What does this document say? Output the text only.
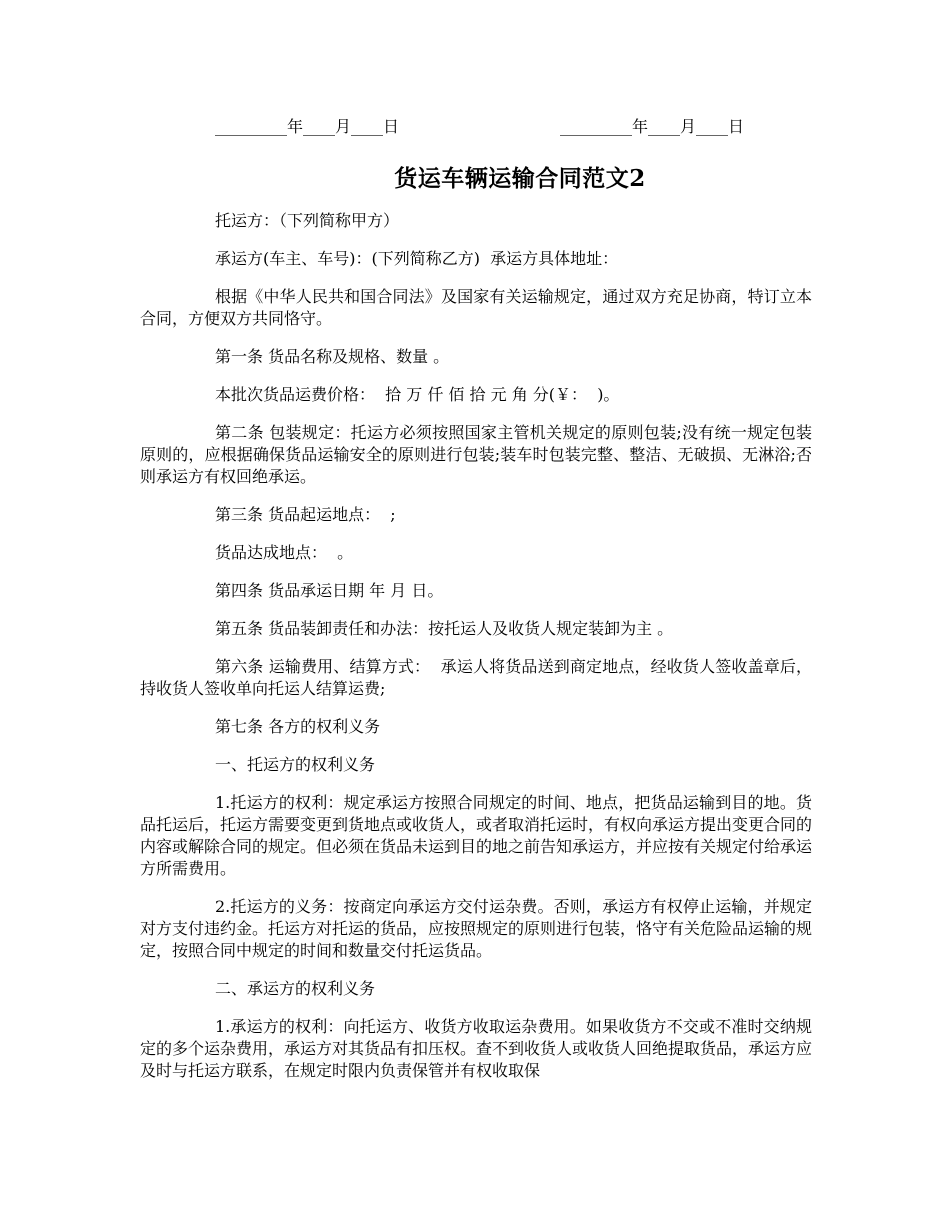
_________年____月____日	_________年____月____日
货运车辆运输合同范文2

托运方：（下列简称甲方）

承运方(车主、车号)：(下列简称乙方)  承运方具体地址：

根据《中华人民共和国合同法》及国家有关运输规定，通过双方充足协商，特订立本合同，方便双方共同恪守。

第一条 货品名称及规格、数量 。

本批次货品运费价格：  拾 万 仟 佰 拾 元 角 分(￥：  )。

第二条 包装规定：托运方必须按照国家主管机关规定的原则包装;没有统一规定包装原则的，应根据确保货品运输安全的原则进行包装;装车时包装完整、整洁、无破损、无淋浴;否则承运方有权回绝承运。

第三条 货品起运地点：  ;

货品达成地点：  。

第四条 货品承运日期 年 月 日。

第五条 货品装卸责任和办法：按托运人及收货人规定装卸为主 。

第六条 运输费用、结算方式：  承运人将货品送到商定地点，经收货人签收盖章后，持收货人签收单向托运人结算运费;

第七条 各方的权利义务

一、托运方的权利义务

1.托运方的权利：规定承运方按照合同规定的时间、地点，把货品运输到目的地。货品托运后，托运方需要变更到货地点或收货人，或者取消托运时，有权向承运方提出变更合同的内容或解除合同的规定。但必须在货品未运到目的地之前告知承运方，并应按有关规定付给承运方所需费用。

2.托运方的义务：按商定向承运方交付运杂费。否则，承运方有权停止运输，并规定对方支付违约金。托运方对托运的货品，应按照规定的原则进行包装，恪守有关危险品运输的规定，按照合同中规定的时间和数量交付托运货品。

二、承运方的权利义务

1.承运方的权利：向托运方、收货方收取运杂费用。如果收货方不交或不准时交纳规定的多个运杂费用，承运方对其货品有扣压权。查不到收货人或收货人回绝提取货品，承运方应及时与托运方联系，在规定时限内负责保管并有权收取保
